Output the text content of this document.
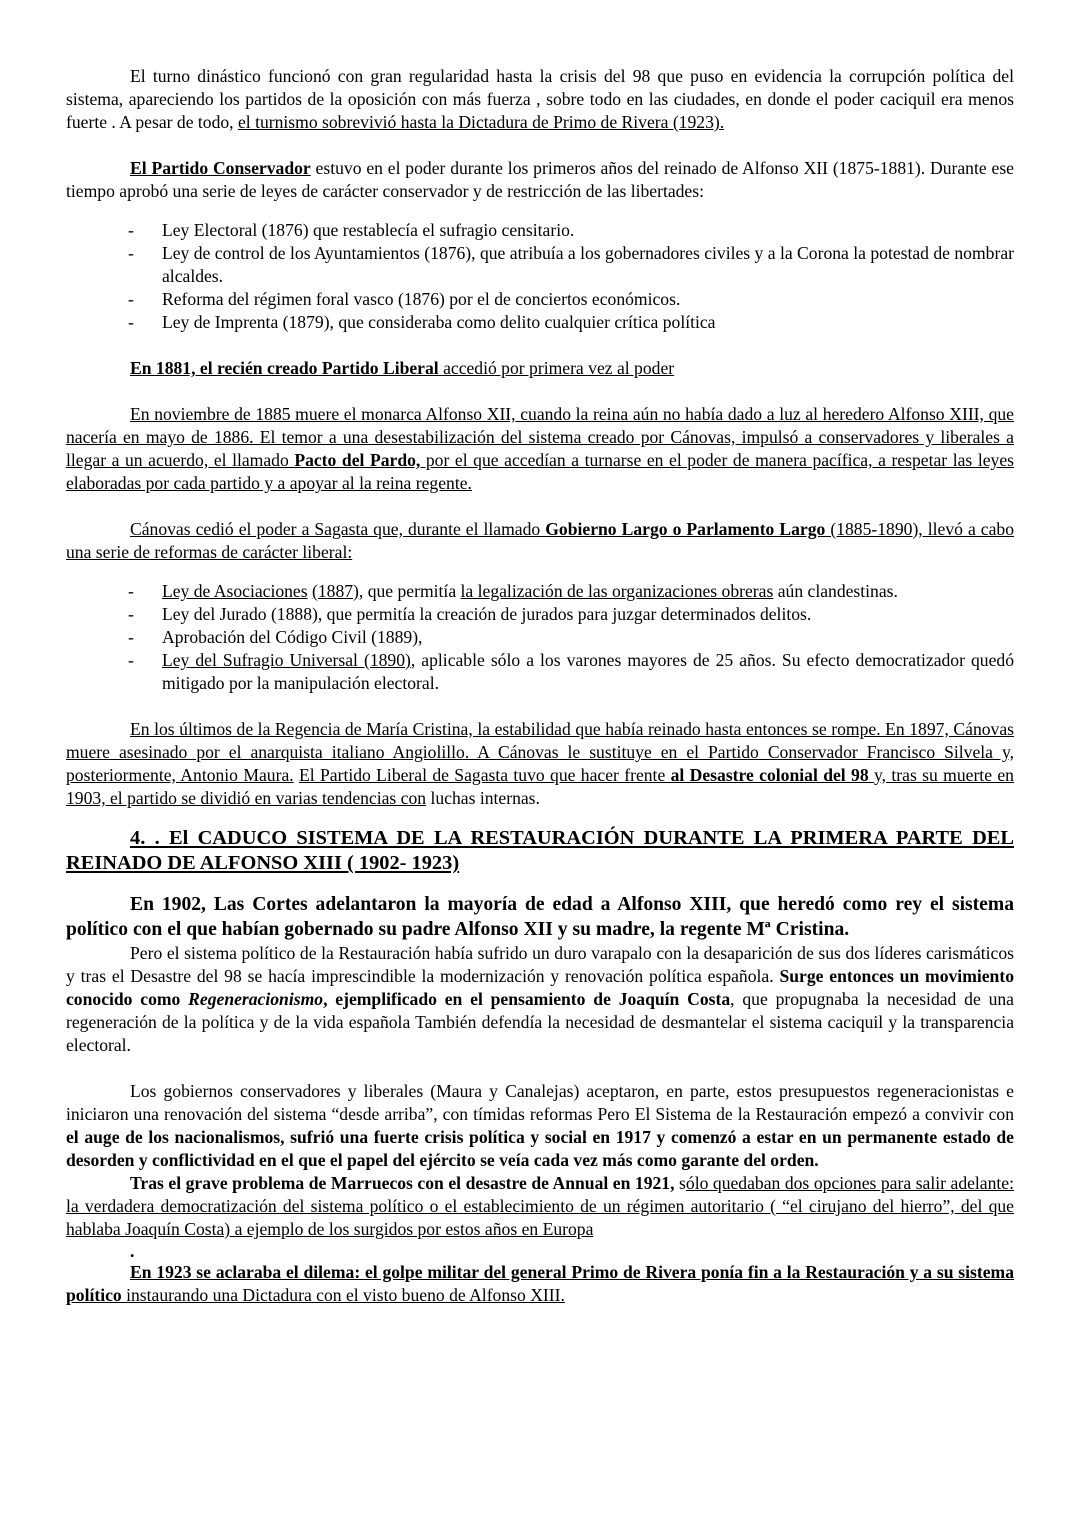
El turno dinástico funcionó con gran regularidad hasta la crisis del 98 que puso en evidencia la corrupción política del sistema, apareciendo los partidos de la oposición con más fuerza , sobre todo en las ciudades, en donde el poder caciquil era menos fuerte . A pesar de todo, el turnismo sobrevivió hasta la Dictadura de Primo de Rivera (1923).

El Partido Conservador estuvo en el poder durante los primeros años del reinado de Alfonso XII (1875-1881). Durante ese tiempo aprobó una serie de leyes de carácter conservador y de restricción de las libertades:

- Ley Electoral (1876) que restablecía el sufragio censitario.
- Ley de control de los Ayuntamientos (1876), que atribuía a los gobernadores civiles y a la Corona la potestad de nombrar alcaldes.
- Reforma del régimen foral vasco (1876) por el de conciertos económicos.
- Ley de Imprenta (1879), que consideraba como delito cualquier crítica política

En 1881, el recién creado Partido Liberal accedió por primera vez al poder

En noviembre de 1885 muere el monarca Alfonso XII, cuando la reina aún no había dado a luz al heredero Alfonso XIII, que nacería en mayo de 1886. El temor a una desestabilización del sistema creado por Cánovas, impulsó a conservadores y liberales a llegar a un acuerdo, el llamado Pacto del Pardo, por el que accedían a turnarse en el poder de manera pacífica, a respetar las leyes elaboradas por cada partido y a apoyar al la reina regente.

Cánovas cedió el poder a Sagasta que, durante el llamado Gobierno Largo o Parlamento Largo (1885-1890), llevó a cabo una serie de reformas de carácter liberal:

- Ley de Asociaciones (1887), que permitía la legalización de las organizaciones obreras aún clandestinas.
- Ley del Jurado (1888), que permitía la creación de jurados para juzgar determinados delitos.
- Aprobación del Código Civil (1889),
- Ley del Sufragio Universal (1890), aplicable sólo a los varones mayores de 25 años. Su efecto democratizador quedó mitigado por la manipulación electoral.

En los últimos de la Regencia de María Cristina, la estabilidad que había reinado hasta entonces se rompe. En 1897, Cánovas muere asesinado por el anarquista italiano Angiolillo. A Cánovas le sustituye en el Partido Conservador Francisco Silvela y, posteriormente, Antonio Maura. El Partido Liberal de Sagasta tuvo que hacer frente al Desastre colonial del 98 y, tras su muerte en 1903, el partido se dividió en varias tendencias con luchas internas.

4. . El CADUCO SISTEMA DE LA RESTAURACIÓN DURANTE LA PRIMERA PARTE DEL REINADO DE ALFONSO XIII ( 1902- 1923)

En 1902, Las Cortes adelantaron la mayoría de edad a Alfonso XIII, que heredó como rey el sistema político con el que habían gobernado su padre Alfonso XII y su madre, la regente Mª Cristina.

Pero el sistema político de la Restauración había sufrido un duro varapalo con la desaparición de sus dos líderes carismáticos y tras el Desastre del 98 se hacía imprescindible la modernización y renovación política española. Surge entonces un movimiento conocido como Regeneracionismo, ejemplificado en el pensamiento de Joaquín Costa, que propugnaba la necesidad de una regeneración de la política y de la vida española También defendía la necesidad de desmantelar el sistema caciquil y la transparencia electoral.

Los gobiernos conservadores y liberales (Maura y Canalejas) aceptaron, en parte, estos presupuestos regeneracionistas e iniciaron una renovación del sistema “desde arriba”, con tímidas reformas Pero El Sistema de la Restauración empezó a convivir con el auge de los nacionalismos, sufrió una fuerte crisis política y social en 1917 y comenzó a estar en un permanente estado de desorden y conflictividad en el que el papel del ejército se veía cada vez más como garante del orden.

Tras el grave problema de Marruecos con el desastre de Annual en 1921, sólo quedaban dos opciones para salir adelante: la verdadera democratización del sistema político o el establecimiento de un régimen autoritario ( “el cirujano del hierro”, del que hablaba Joaquín Costa) a ejemplo de los surgidos por estos años en Europa

.

En 1923 se aclaraba el dilema: el golpe militar del general Primo de Rivera ponía fin a la Restauración y a su sistema político instaurando una Dictadura con el visto bueno de Alfonso XIII.
